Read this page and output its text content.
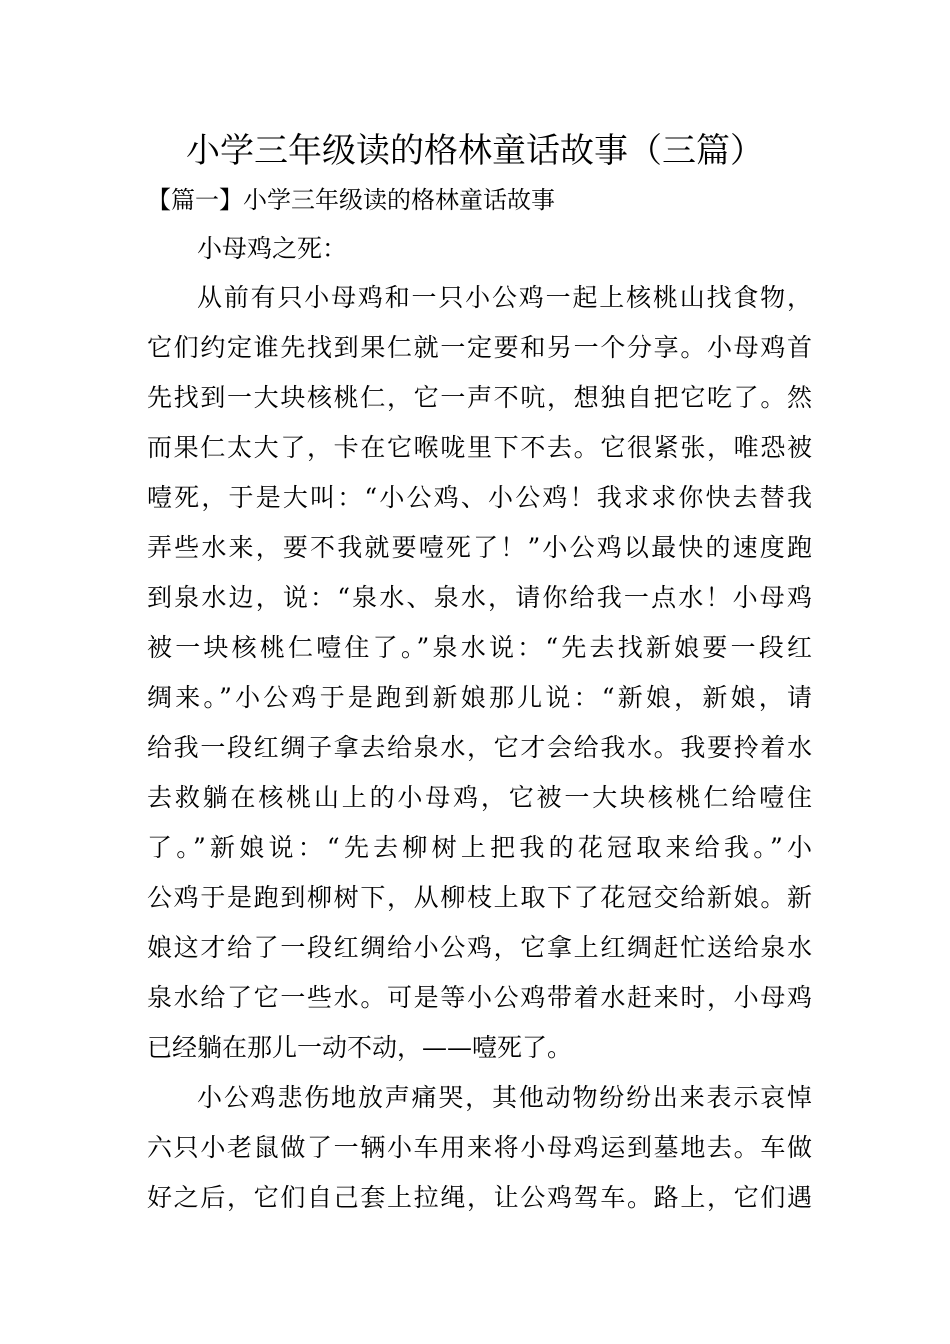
小学三年级读的格林童话故事（三篇）
【篇一】小学三年级读的格林童话故事
小母鸡之死：
从前有只小母鸡和一只小公鸡一起上核桃山找食物，
它们约定谁先找到果仁就一定要和另一个分享。小母鸡首
先找到一大块核桃仁，它一声不吭，想独自把它吃了。然
而果仁太大了，卡在它喉咙里下不去。它很紧张，唯恐被
噎死，于是大叫：“小公鸡、小公鸡！我求求你快去替我
弄些水来，要不我就要噎死了！”小公鸡以最快的速度跑
到泉水边，说：“泉水、泉水，请你给我一点水！小母鸡
被一块核桃仁噎住了。”泉水说：“先去找新娘要一段红
绸来。”小公鸡于是跑到新娘那儿说：“新娘，新娘，请
给我一段红绸子拿去给泉水，它才会给我水。我要拎着水
去救躺在核桃山上的小母鸡，它被一大块核桃仁给噎住
了。”新娘说：“先去柳树上把我的花冠取来给我。”小
公鸡于是跑到柳树下，从柳枝上取下了花冠交给新娘。新
娘这才给了一段红绸给小公鸡，它拿上红绸赶忙送给泉水
泉水给了它一些水。可是等小公鸡带着水赶来时，小母鸡
已经躺在那儿一动不动，——噎死了。
小公鸡悲伤地放声痛哭，其他动物纷纷出来表示哀悼
六只小老鼠做了一辆小车用来将小母鸡运到墓地去。车做
好之后，它们自己套上拉绳，让公鸡驾车。路上，它们遇
